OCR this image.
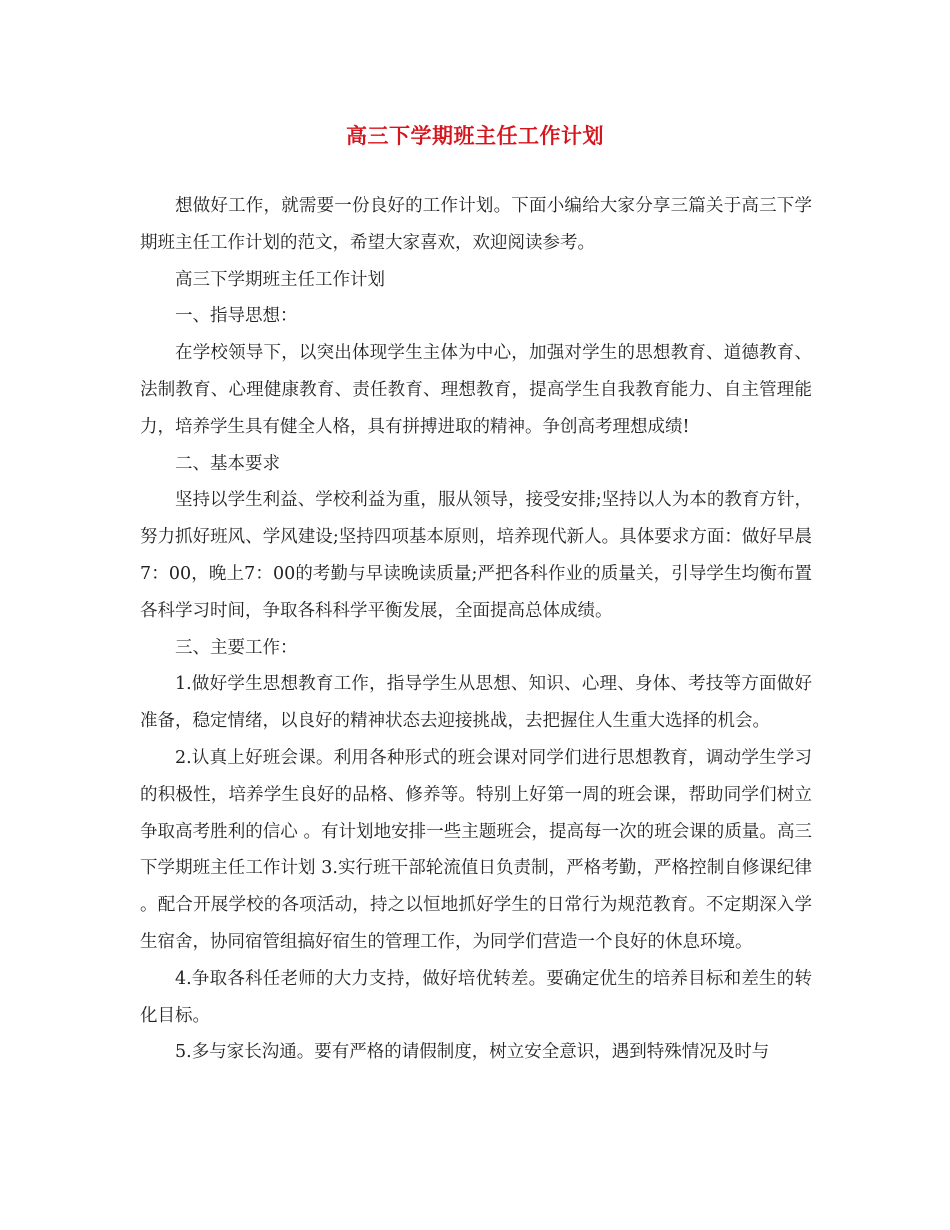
高三下学期班主任工作计划

想做好工作，就需要一份良好的工作计划。下面小编给大家分享三篇关于高三下学期班主任工作计划的范文，希望大家喜欢，欢迎阅读参考。

高三下学期班主任工作计划

一、指导思想：

在学校领导下，以突出体现学生主体为中心，加强对学生的思想教育、道德教育、法制教育、心理健康教育、责任教育、理想教育，提高学生自我教育能力、自主管理能力，培养学生具有健全人格，具有拼搏进取的精神。争创高考理想成绩!

二、基本要求

坚持以学生利益、学校利益为重，服从领导，接受安排;坚持以人为本的教育方针，努力抓好班风、学风建设;坚持四项基本原则，培养现代新人。具体要求方面：做好早晨7：00，晚上7：00的考勤与早读晚读质量;严把各科作业的质量关，引导学生均衡布置各科学习时间，争取各科科学平衡发展，全面提高总体成绩。

三、主要工作：

1.做好学生思想教育工作，指导学生从思想、知识、心理、身体、考技等方面做好准备，稳定情绪，以良好的精神状态去迎接挑战，去把握住人生重大选择的机会。

2.认真上好班会课。利用各种形式的班会课对同学们进行思想教育，调动学生学习的积极性，培养学生良好的品格、修养等。特别上好第一周的班会课，帮助同学们树立争取高考胜利的信心 。有计划地安排一些主题班会，提高每一次的班会课的质量。高三下学期班主任工作计划 3.实行班干部轮流值日负责制，严格考勤，严格控制自修课纪律 。配合开展学校的各项活动，持之以恒地抓好学生的日常行为规范教育。不定期深入学生宿舍，协同宿管组搞好宿生的管理工作，为同学们营造一个良好的休息环境。

4.争取各科任老师的大力支持，做好培优转差。要确定优生的培养目标和差生的转化目标。

5.多与家长沟通。要有严格的请假制度，树立安全意识，遇到特殊情况及时与
